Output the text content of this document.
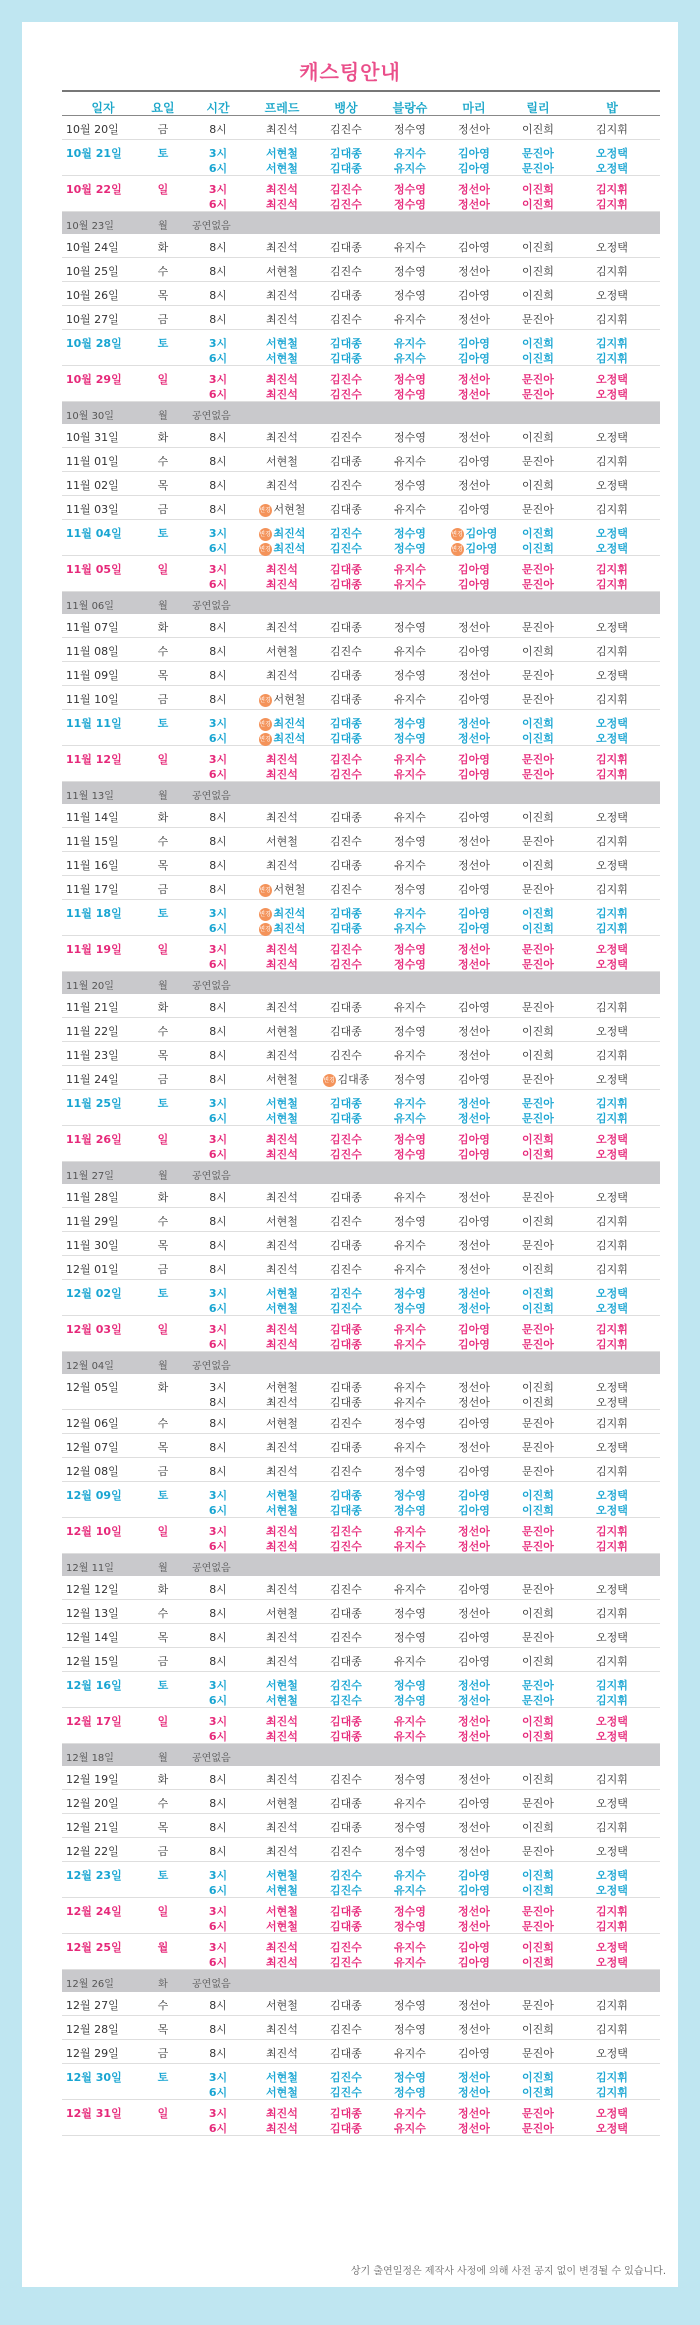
캐스팅안내
일자	요일	시간	프레드	뱅상	블랑슈	마리	릴리	밥
10월 20일	금	8시	최진석	김진수	정수영	정선아	이진희	김지휘
10월 21일	토	3시	서현철	김대종	유지수	김아영	문진아	오정택
6시	서현철	김대종	유지수	김아영	문진아	오정택
10월 22일	일	3시	최진석	김진수	정수영	정선아	이진희	김지휘
6시	최진석	김진수	정수영	정선아	이진희	김지휘
10월 23일	월	공연없음
10월 24일	화	8시	최진석	김대종	유지수	김아영	이진희	오정택
10월 25일	수	8시	서현철	김진수	정수영	정선아	이진희	김지휘
10월 26일	목	8시	최진석	김대종	정수영	김아영	이진희	오정택
10월 27일	금	8시	최진석	김진수	유지수	정선아	문진아	김지휘
10월 28일	토	3시	서현철	김대종	유지수	김아영	이진희	김지휘
6시	서현철	김대종	유지수	김아영	이진희	김지휘
10월 29일	일	3시	최진석	김진수	정수영	정선아	문진아	오정택
6시	최진석	김진수	정수영	정선아	문진아	오정택
10월 30일	월	공연없음
10월 31일	화	8시	최진석	김진수	정수영	정선아	이진희	오정택
11월 01일	수	8시	서현철	김대종	유지수	김아영	문진아	김지휘
11월 02일	목	8시	최진석	김진수	정수영	정선아	이진희	오정택
11월 03일	금	8시	변경 서현철	김대종	유지수	김아영	문진아	김지휘
11월 04일	토	3시	변경 최진석	김진수	정수영	변경 김아영	이진희	오정택
6시	변경 최진석	김진수	정수영	변경 김아영	이진희	오정택
11월 05일	일	3시	최진석	김대종	유지수	김아영	문진아	김지휘
6시	최진석	김대종	유지수	김아영	문진아	김지휘
11월 06일	월	공연없음
11월 07일	화	8시	최진석	김대종	정수영	정선아	문진아	오정택
11월 08일	수	8시	서현철	김진수	유지수	김아영	이진희	김지휘
11월 09일	목	8시	최진석	김대종	정수영	정선아	문진아	오정택
11월 10일	금	8시	변경 서현철	김대종	유지수	김아영	문진아	김지휘
11월 11일	토	3시	변경 최진석	김대종	정수영	정선아	이진희	오정택
6시	변경 최진석	김대종	정수영	정선아	이진희	오정택
11월 12일	일	3시	최진석	김진수	유지수	김아영	문진아	김지휘
6시	최진석	김진수	유지수	김아영	문진아	김지휘
11월 13일	월	공연없음
11월 14일	화	8시	최진석	김대종	유지수	김아영	이진희	오정택
11월 15일	수	8시	서현철	김진수	정수영	정선아	문진아	김지휘
11월 16일	목	8시	최진석	김대종	유지수	정선아	이진희	오정택
11월 17일	금	8시	변경 서현철	김진수	정수영	김아영	문진아	김지휘
11월 18일	토	3시	변경 최진석	김대종	유지수	김아영	이진희	김지휘
6시	변경 최진석	김대종	유지수	김아영	이진희	김지휘
11월 19일	일	3시	최진석	김진수	정수영	정선아	문진아	오정택
6시	최진석	김진수	정수영	정선아	문진아	오정택
11월 20일	월	공연없음
11월 21일	화	8시	최진석	김대종	유지수	김아영	문진아	김지휘
11월 22일	수	8시	서현철	김대종	정수영	정선아	이진희	오정택
11월 23일	목	8시	최진석	김진수	유지수	정선아	이진희	김지휘
11월 24일	금	8시	서현철	변경 김대종	정수영	김아영	문진아	오정택
11월 25일	토	3시	서현철	김대종	유지수	정선아	문진아	김지휘
6시	서현철	김대종	유지수	정선아	문진아	김지휘
11월 26일	일	3시	최진석	김진수	정수영	김아영	이진희	오정택
6시	최진석	김진수	정수영	김아영	이진희	오정택
11월 27일	월	공연없음
11월 28일	화	8시	최진석	김대종	유지수	정선아	문진아	오정택
11월 29일	수	8시	서현철	김진수	정수영	김아영	이진희	김지휘
11월 30일	목	8시	최진석	김대종	유지수	정선아	문진아	김지휘
12월 01일	금	8시	최진석	김진수	유지수	정선아	이진희	김지휘
12월 02일	토	3시	서현철	김진수	정수영	정선아	이진희	오정택
6시	서현철	김진수	정수영	정선아	이진희	오정택
12월 03일	일	3시	최진석	김대종	유지수	김아영	문진아	김지휘
6시	최진석	김대종	유지수	김아영	문진아	김지휘
12월 04일	월	공연없음
12월 05일	화	3시	서현철	김대종	유지수	정선아	이진희	오정택
8시	최진석	김대종	유지수	정선아	이진희	오정택
12월 06일	수	8시	서현철	김진수	정수영	김아영	문진아	김지휘
12월 07일	목	8시	최진석	김대종	유지수	정선아	문진아	오정택
12월 08일	금	8시	최진석	김진수	정수영	김아영	문진아	김지휘
12월 09일	토	3시	서현철	김대종	정수영	김아영	이진희	오정택
6시	서현철	김대종	정수영	김아영	이진희	오정택
12월 10일	일	3시	최진석	김진수	유지수	정선아	문진아	김지휘
6시	최진석	김진수	유지수	정선아	문진아	김지휘
12월 11일	월	공연없음
12월 12일	화	8시	최진석	김진수	유지수	김아영	문진아	오정택
12월 13일	수	8시	서현철	김대종	정수영	정선아	이진희	김지휘
12월 14일	목	8시	최진석	김진수	정수영	김아영	문진아	오정택
12월 15일	금	8시	최진석	김대종	유지수	김아영	이진희	김지휘
12월 16일	토	3시	서현철	김진수	정수영	정선아	문진아	김지휘
6시	서현철	김진수	정수영	정선아	문진아	김지휘
12월 17일	일	3시	최진석	김대종	유지수	정선아	이진희	오정택
6시	최진석	김대종	유지수	정선아	이진희	오정택
12월 18일	월	공연없음
12월 19일	화	8시	최진석	김진수	정수영	정선아	이진희	김지휘
12월 20일	수	8시	서현철	김대종	유지수	김아영	문진아	오정택
12월 21일	목	8시	최진석	김대종	정수영	정선아	이진희	김지휘
12월 22일	금	8시	최진석	김진수	정수영	정선아	문진아	오정택
12월 23일	토	3시	서현철	김진수	유지수	김아영	이진희	오정택
6시	서현철	김진수	유지수	김아영	이진희	오정택
12월 24일	일	3시	서현철	김대종	정수영	정선아	문진아	김지휘
6시	서현철	김대종	정수영	정선아	문진아	김지휘
12월 25일	월	3시	최진석	김진수	유지수	김아영	이진희	오정택
6시	최진석	김진수	유지수	김아영	이진희	오정택
12월 26일	화	공연없음
12월 27일	수	8시	서현철	김대종	정수영	정선아	문진아	김지휘
12월 28일	목	8시	최진석	김진수	정수영	정선아	이진희	김지휘
12월 29일	금	8시	최진석	김대종	유지수	김아영	문진아	오정택
12월 30일	토	3시	서현철	김진수	정수영	정선아	이진희	김지휘
6시	서현철	김진수	정수영	정선아	이진희	김지휘
12월 31일	일	3시	최진석	김대종	유지수	정선아	문진아	오정택
6시	최진석	김대종	유지수	정선아	문진아	오정택
상기 출연일정은 제작사 사정에 의해 사전 공지 없이 변경될 수 있습니다.
